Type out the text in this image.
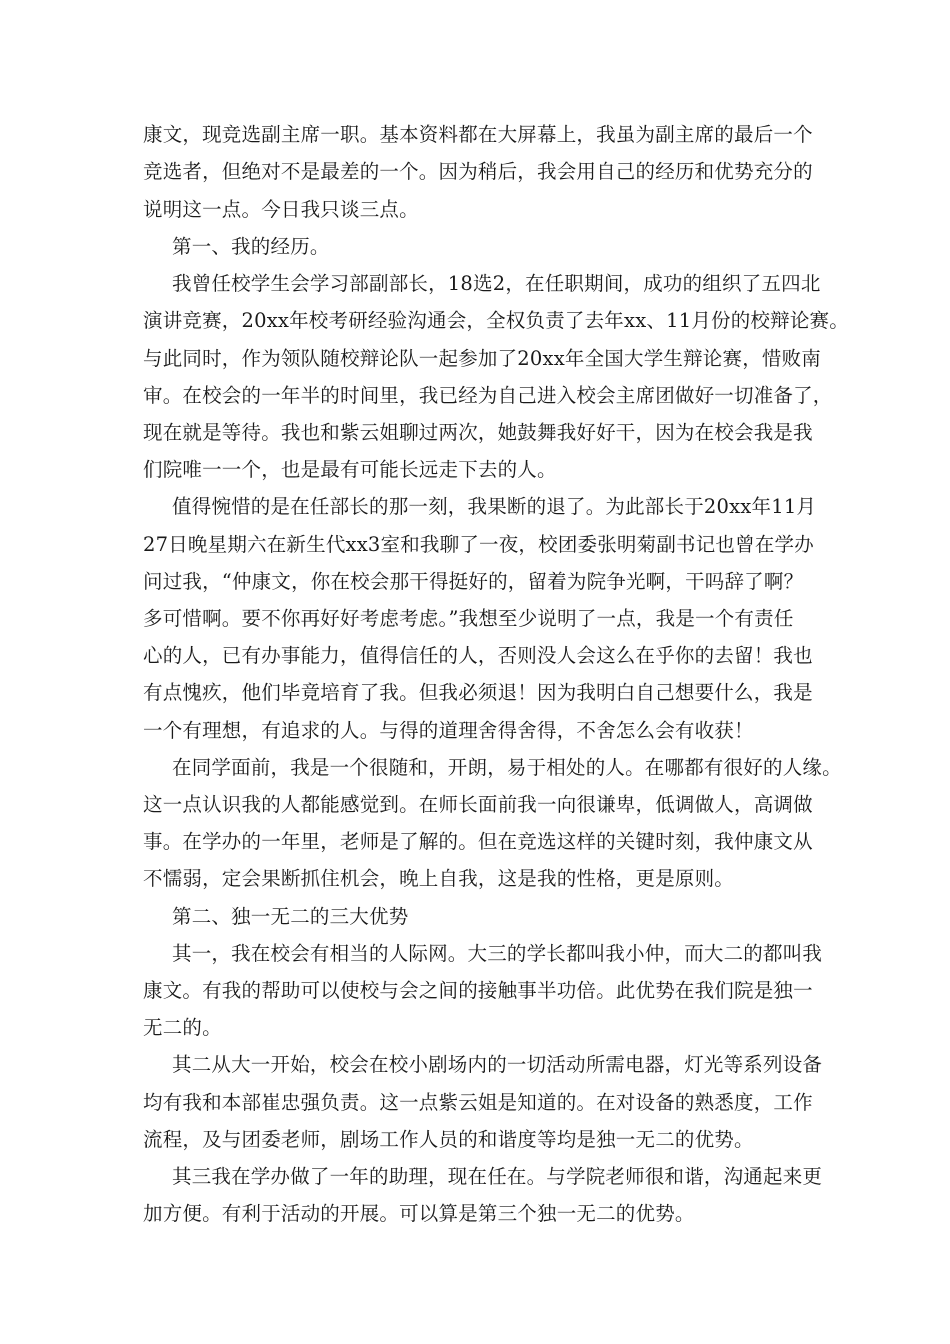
康文，现竞选副主席一职。基本资料都在大屏幕上，我虽为副主席的最后一个
竞选者，但绝对不是最差的一个。因为稍后，我会用自己的经历和优势充分的
说明这一点。今日我只谈三点。
第一、我的经历。
我曾任校学生会学习部副部长，18选2，在任职期间，成功的组织了五四北
演讲竞赛，20xx年校考研经验沟通会，全权负责了去年xx、11月份的校辩论赛。
与此同时，作为领队随校辩论队一起参加了20xx年全国大学生辩论赛，惜败南
审。在校会的一年半的时间里，我已经为自己进入校会主席团做好一切准备了，
现在就是等待。我也和紫云姐聊过两次，她鼓舞我好好干，因为在校会我是我
们院唯一一个，也是最有可能长远走下去的人。
值得惋惜的是在任部长的那一刻，我果断的退了。为此部长于20xx年11月
27日晚星期六在新生代xx3室和我聊了一夜，校团委张明菊副书记也曾在学办
问过我，“仲康文，你在校会那干得挺好的，留着为院争光啊，干吗辞了啊？
多可惜啊。要不你再好好考虑考虑。”我想至少说明了一点，我是一个有责任
心的人，已有办事能力，值得信任的人，否则没人会这么在乎你的去留！我也
有点愧疚，他们毕竟培育了我。但我必须退！因为我明白自己想要什么，我是
一个有理想，有追求的人。与得的道理舍得舍得，不舍怎么会有收获！
在同学面前，我是一个很随和，开朗，易于相处的人。在哪都有很好的人缘。
这一点认识我的人都能感觉到。在师长面前我一向很谦卑，低调做人，高调做
事。在学办的一年里，老师是了解的。但在竞选这样的关键时刻，我仲康文从
不懦弱，定会果断抓住机会，晚上自我，这是我的性格，更是原则。
第二、独一无二的三大优势
其一，我在校会有相当的人际网。大三的学长都叫我小仲，而大二的都叫我
康文。有我的帮助可以使校与会之间的接触事半功倍。此优势在我们院是独一
无二的。
其二从大一开始，校会在校小剧场内的一切活动所需电器，灯光等系列设备
均有我和本部崔忠强负责。这一点紫云姐是知道的。在对设备的熟悉度，工作
流程，及与团委老师，剧场工作人员的和谐度等均是独一无二的优势。
其三我在学办做了一年的助理，现在任在。与学院老师很和谐，沟通起来更
加方便。有利于活动的开展。可以算是第三个独一无二的优势。
